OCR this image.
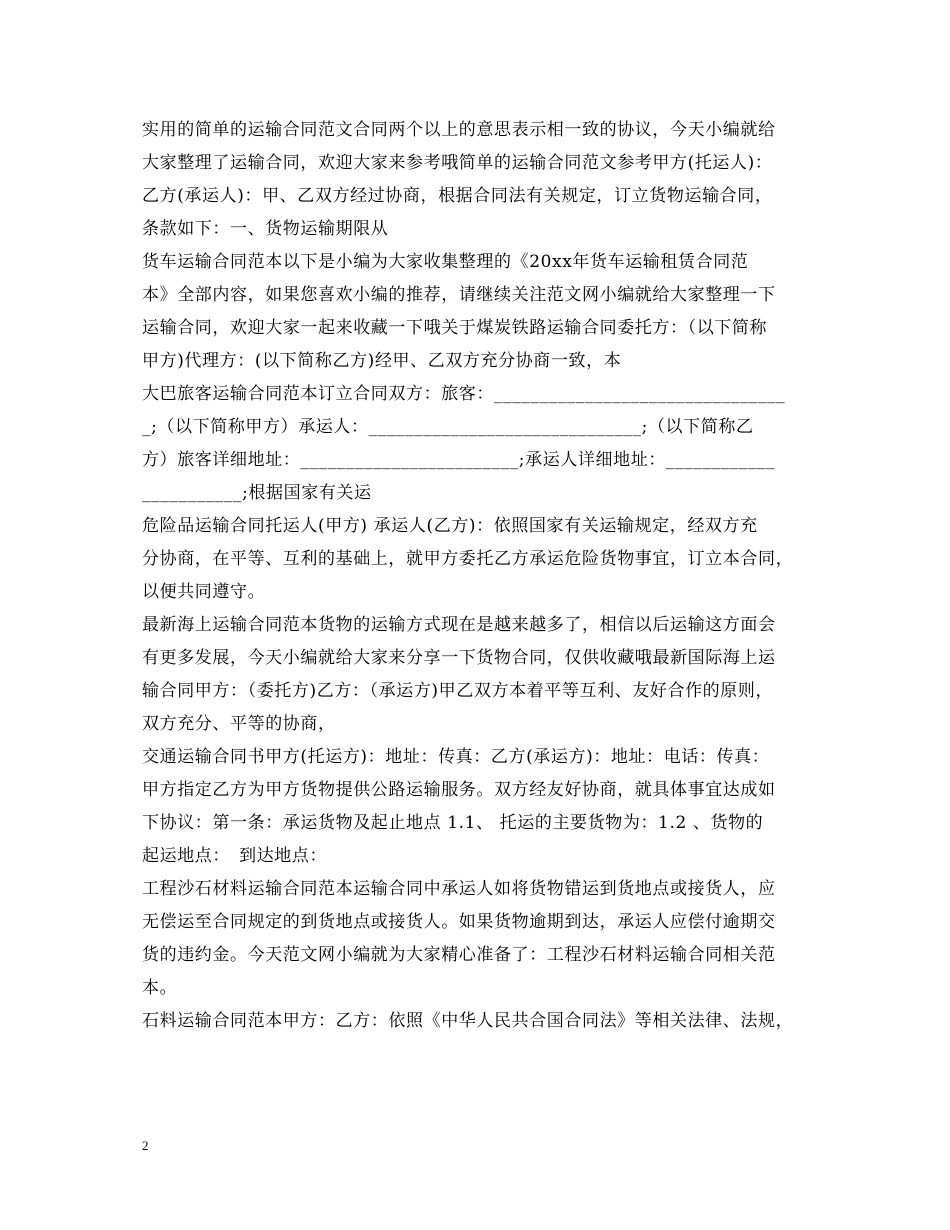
实用的简单的运输合同范文合同两个以上的意思表示相一致的协议，今天小编就给
大家整理了运输合同，欢迎大家来参考哦简单的运输合同范文参考甲方(托运人)：
乙方(承运人)：甲、乙双方经过协商，根据合同法有关规定，订立货物运输合同，
条款如下：一、货物运输期限从
货车运输合同范本以下是小编为大家收集整理的《20xx年货车运输租赁合同范
本》全部内容，如果您喜欢小编的推荐，请继续关注范文网小编就给大家整理一下
运输合同，欢迎大家一起来收藏一下哦关于煤炭铁路运输合同委托方：（以下简称
甲方)代理方：(以下简称乙方)经甲、乙双方充分协商一致，本
大巴旅客运输合同范本订立合同双方：旅客：________________________________
_;（以下简称甲方）承运人：______________________________;（以下简称乙
方）旅客详细地址：________________________;承运人详细地址：____________
___________;根据国家有关运
危险品运输合同托运人(甲方) 承运人(乙方)：依照国家有关运输规定，经双方充
分协商，在平等、互利的基础上，就甲方委托乙方承运危险货物事宜，订立本合同，
以便共同遵守。
最新海上运输合同范本货物的运输方式现在是越来越多了，相信以后运输这方面会
有更多发展，今天小编就给大家来分享一下货物合同，仅供收藏哦最新国际海上运
输合同甲方：（委托方)乙方：（承运方)甲乙双方本着平等互利、友好合作的原则，
双方充分、平等的协商，
交通运输合同书甲方(托运方)：地址：传真：乙方(承运方)：地址：电话：传真：
甲方指定乙方为甲方货物提供公路运输服务。双方经友好协商，就具体事宜达成如
下协议：第一条：承运货物及起止地点 1.1、 托运的主要货物为：1.2 、货物的
起运地点：　到达地点：
工程沙石材料运输合同范本运输合同中承运人如将货物错运到货地点或接货人，应
无偿运至合同规定的到货地点或接货人。如果货物逾期到达，承运人应偿付逾期交
货的违约金。今天范文网小编就为大家精心准备了：工程沙石材料运输合同相关范
本。
石料运输合同范本甲方：乙方：依照《中华人民共合国合同法》等相关法律、法规，
2
